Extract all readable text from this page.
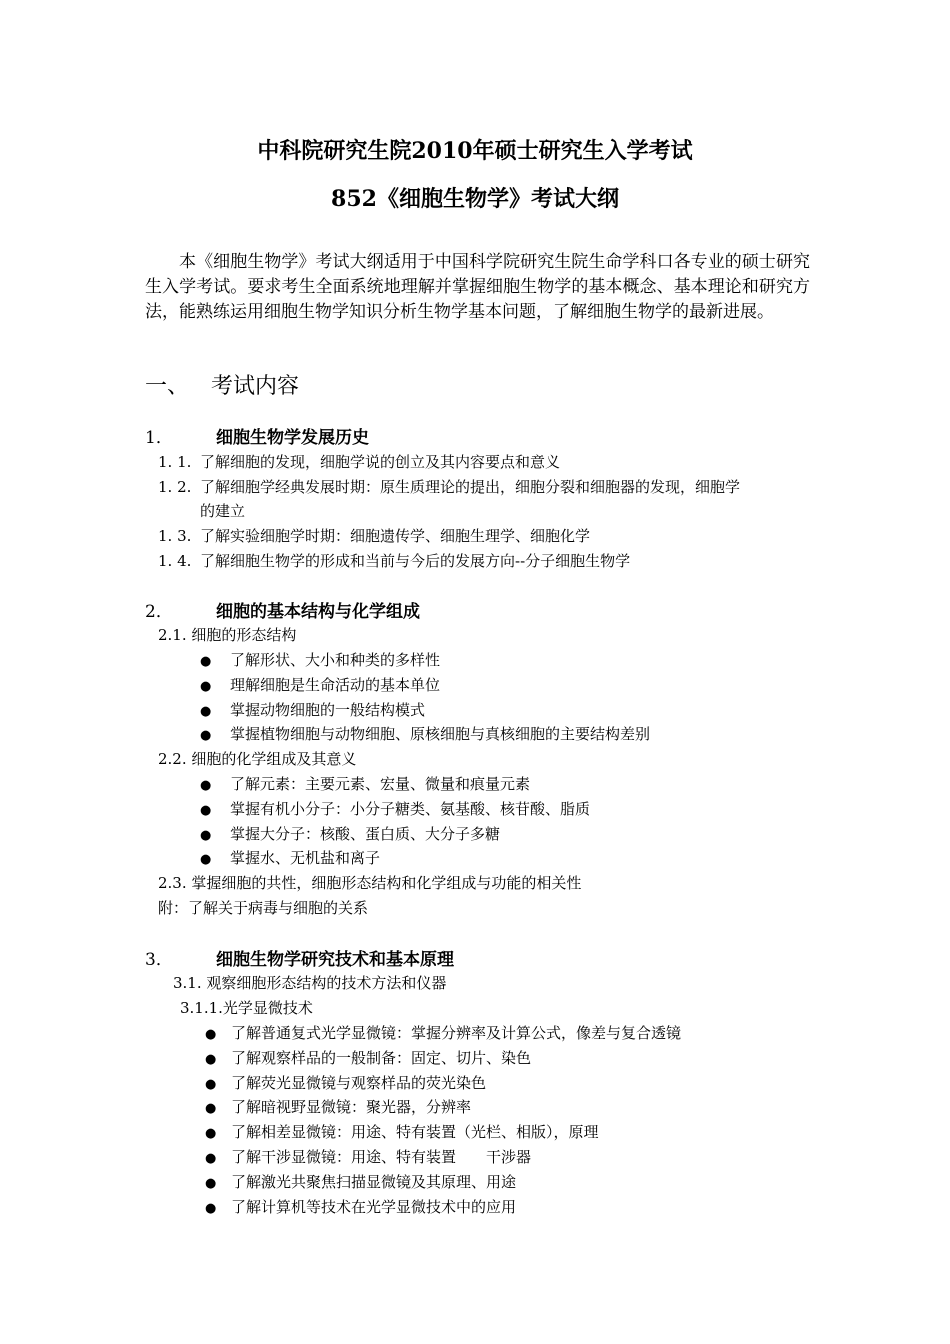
中科院研究生院2010年硕士研究生入学考试
852《细胞生物学》考试大纲
本《细胞生物学》考试大纲适用于中国科学院研究生院生命学科口各专业的硕士研究生入学考试。要求考生全面系统地理解并掌握细胞生物学的基本概念、基本理论和研究方法，能熟练运用细胞生物学知识分析生物学基本问题，了解细胞生物学的最新进展。
一、 考试内容
1．	细胞生物学发展历史
1. 1. 了解细胞的发现，细胞学说的创立及其内容要点和意义
1. 2. 了解细胞学经典发展时期：原生质理论的提出，细胞分裂和细胞器的发现，细胞学
的建立
1. 3. 了解实验细胞学时期：细胞遗传学、细胞生理学、细胞化学
1. 4. 了解细胞生物学的形成和当前与今后的发展方向--分子细胞生物学
2．	细胞的基本结构与化学组成
2.1. 细胞的形态结构
● 了解形状、大小和种类的多样性
● 理解细胞是生命活动的基本单位
● 掌握动物细胞的一般结构模式
● 掌握植物细胞与动物细胞、原核细胞与真核细胞的主要结构差别
2.2. 细胞的化学组成及其意义
● 了解元素：主要元素、宏量、微量和痕量元素
● 掌握有机小分子：小分子糖类、氨基酸、核苷酸、脂质
● 掌握大分子：核酸、蛋白质、大分子多糖
● 掌握水、无机盐和离子
2.3. 掌握细胞的共性，细胞形态结构和化学组成与功能的相关性
附：了解关于病毒与细胞的关系
3．	细胞生物学研究技术和基本原理
3.1. 观察细胞形态结构的技术方法和仪器
3.1.1.光学显微技术
● 了解普通复式光学显微镜：掌握分辨率及计算公式，像差与复合透镜
● 了解观察样品的一般制备：固定、切片、染色
● 了解荧光显微镜与观察样品的荧光染色
● 了解暗视野显微镜：聚光器，分辨率
● 了解相差显微镜：用途、特有装置（光栏、相版），原理
● 了解干涉显微镜：用途、特有装置　　干涉器
● 了解激光共聚焦扫描显微镜及其原理、用途
● 了解计算机等技术在光学显微技术中的应用
